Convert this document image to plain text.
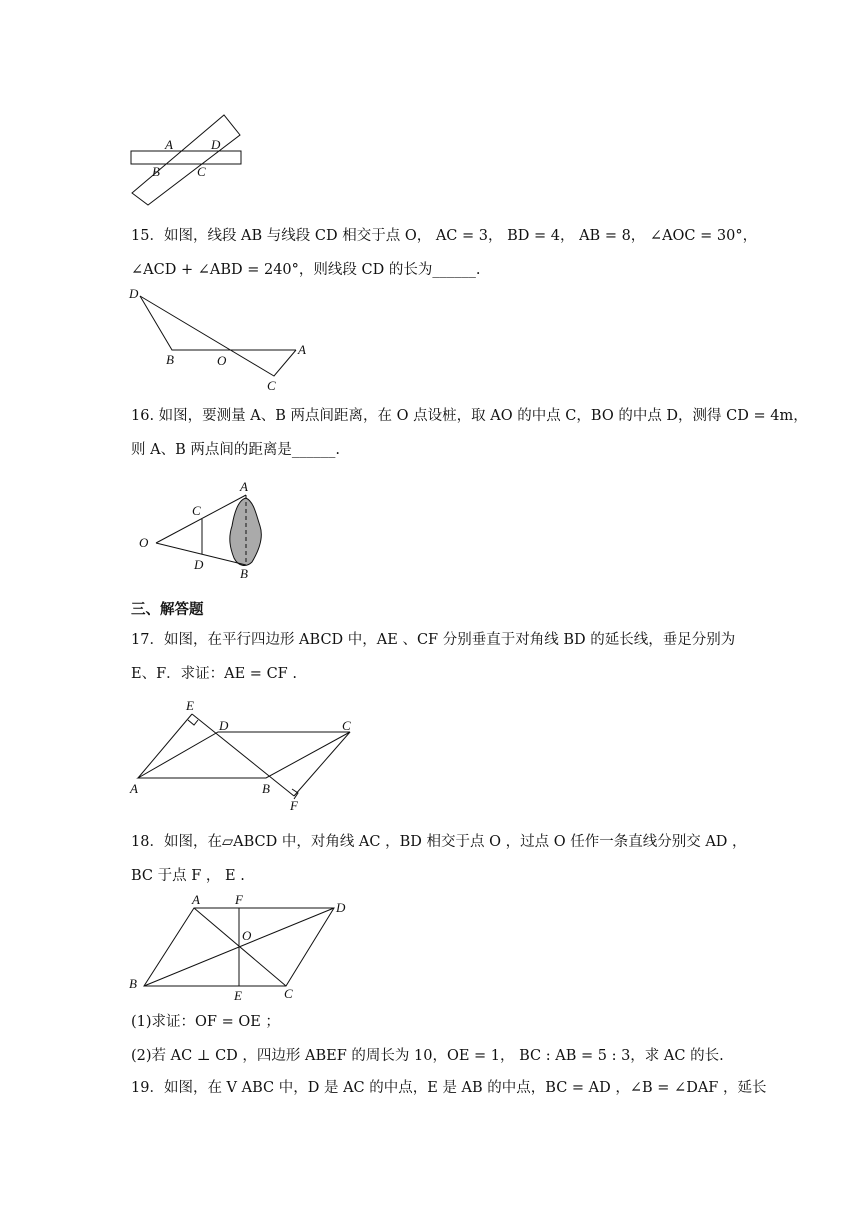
A	D
B	C
15．如图，线段 AB 与线段 CD 相交于点 O， AC = 3， BD = 4， AB = 8， ∠AOC = 30°，
∠ACD + ∠ABD = 240°，则线段 CD 的长为______.
D
B	O
A
C
16. 如图，要测量 A、B 两点间距离，在 O 点设桩，取 AO 的中点 C，BO 的中点 D，测得 CD = 4m，
则 A、B 两点间的距离是______.
A
C
O
D
B
三、解答题
17．如图，在平行四边形 ABCD 中，AE 、CF 分别垂直于对角线 BD 的延长线，垂足分别为
E、F．求证：AE = CF .
E
D	C
A	B
F
18．如图，在▱ABCD 中，对角线 AC ，BD 相交于点 O ，过点 O 任作一条直线分别交 AD ，
BC 于点 F ， E .
A	F
D
O
B
E	C
(1)求证：OF = OE ；
(2)若 AC ⊥ CD ，四边形 ABEF 的周长为 10，OE = 1， BC : AB = 5 : 3，求 AC 的长.
19．如图，在 V ABC 中，D 是 AC 的中点，E 是 AB 的中点，BC = AD ，∠B = ∠DAF ，延长
